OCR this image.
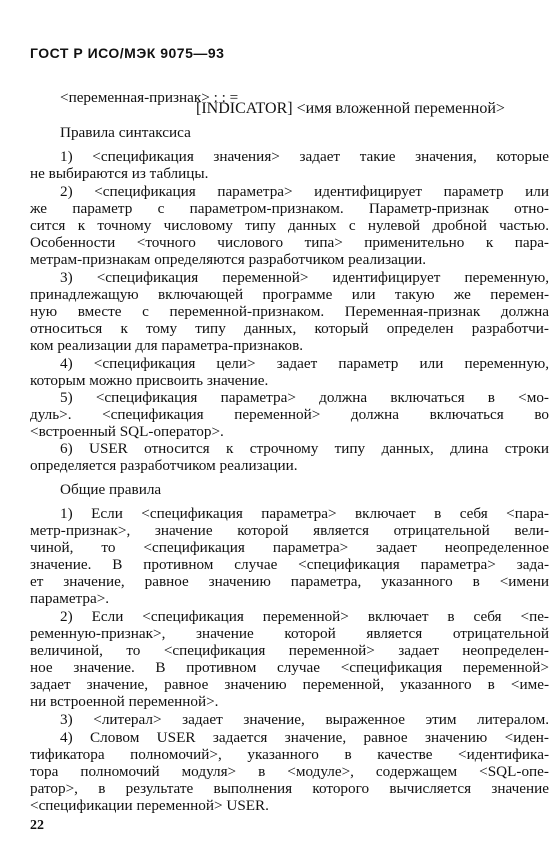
ГОСТ Р ИСО/МЭК 9075—93
<переменная-признак> : : =
[INDICATOR] <имя вложенной переменной>
Правила синтаксиса
1) <спецификация значения> задает такие значения, которые
не выбираются из таблицы.
2) <спецификация параметра> идентифицирует параметр или
же параметр с параметром-признаком. Параметр-признак отно-
сится к точному числовому типу данных с нулевой дробной частью.
Особенности <точного числового типа> применительно к пара-
метрам-признакам определяются разработчиком реализации.
3) <спецификация переменной> идентифицирует переменную,
принадлежащую включающей программе или такую же перемен-
ную вместе с переменной-признаком. Переменная-признак должна
относиться к тому типу данных, который определен разработчи-
ком реализации для параметра-признаков.
4) <спецификация цели> задает параметр или переменную,
которым можно присвоить значение.
5) <спецификация параметра> должна включаться в <мо-
дуль>. <спецификация переменной> должна включаться во
<встроенный SQL-оператор>.
6) USER относится к строчному типу данных, длина строки
определяется разработчиком реализации.
Общие правила
1) Если <спецификация параметра> включает в себя <пара-
метр-признак>, значение которой является отрицательной вели-
чиной, то <спецификация параметра> задает неопределенное
значение. В противном случае <спецификация параметра> зада-
ет значение, равное значению параметра, указанного в <имени
параметра>.
2) Если <спецификация переменной> включает в себя <пе-
ременную-признак>, значение которой является отрицательной
величиной, то <спецификация переменной> задает неопределен-
ное значение. В противном случае <спецификация переменной>
задает значение, равное значению переменной, указанного в <име-
ни встроенной переменной>.
3) <литерал> задает значение, выраженное этим литералом.
4) Словом USER задается значение, равное значению <иден-
тификатора полномочий>, указанного в качестве <идентифика-
тора полномочий модуля> в <модуле>, содержащем <SQL-опе-
ратор>, в результате выполнения которого вычисляется значение
<спецификации переменной> USER.
22
